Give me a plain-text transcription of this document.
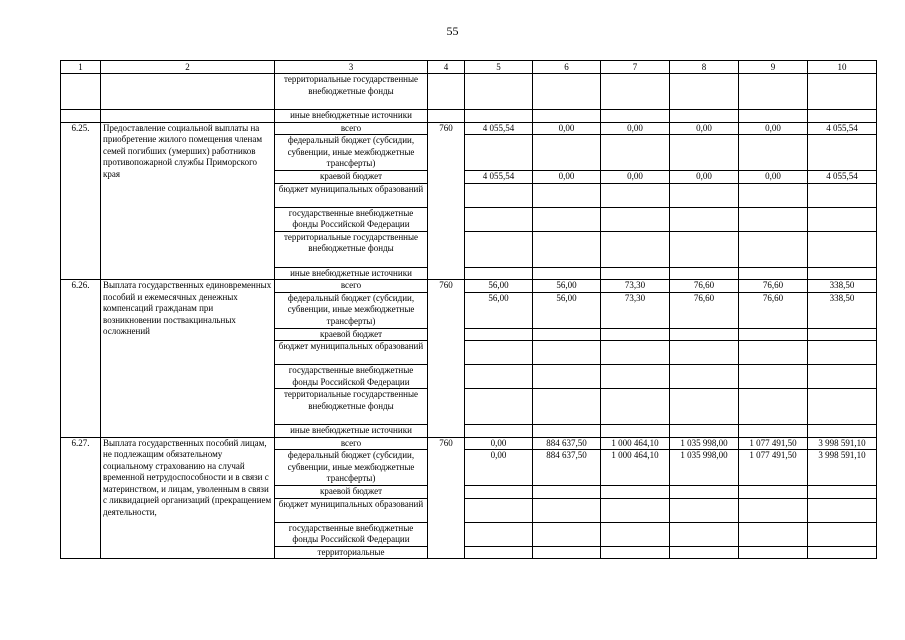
55
1	2	3	4	5	6	7	8	9	10
		территориальные государственные внебюджетные фонды							
		иные внебюджетные источники							
6.25.	Предоставление социальной выплаты на приобретение жилого помещения членам семей погибших (умерших) работников противопожарной службы Приморского края	всего	760	4 055,54	0,00	0,00	0,00	0,00	4 055,54
		федеральный бюджет (субсидии, субвенции, иные межбюджетные трансферты)							
		краевой бюджет		4 055,54	0,00	0,00	0,00	0,00	4 055,54
		бюджет муниципальных образований							
		государственные внебюджетные фонды Российской Федерации							
		территориальные государственные внебюджетные фонды							
		иные внебюджетные источники							
6.26.	Выплата государственных единовременных пособий и ежемесячных денежных компенсаций гражданам при возникновении поствакцинальных осложнений	всего	760	56,00	56,00	73,30	76,60	76,60	338,50
		федеральный бюджет (субсидии, субвенции, иные межбюджетные трансферты)		56,00	56,00	73,30	76,60	76,60	338,50
		краевой бюджет							
		бюджет муниципальных образований							
		государственные внебюджетные фонды Российской Федерации							
		территориальные государственные внебюджетные фонды							
		иные внебюджетные источники							
6.27.	Выплата государственных пособий лицам, не подлежащим обязательному социальному страхованию на случай временной нетрудоспособности и в связи с материнством, и лицам, уволенным в связи с ликвидацией организаций (прекращением деятельности,	всего	760	0,00	884 637,50	1 000 464,10	1 035 998,00	1 077 491,50	3 998 591,10
		федеральный бюджет (субсидии, субвенции, иные межбюджетные трансферты)		0,00	884 637,50	1 000 464,10	1 035 998,00	1 077 491,50	3 998 591,10
		краевой бюджет							
		бюджет муниципальных образований							
		государственные внебюджетные фонды Российской Федерации							
		территориальные							
